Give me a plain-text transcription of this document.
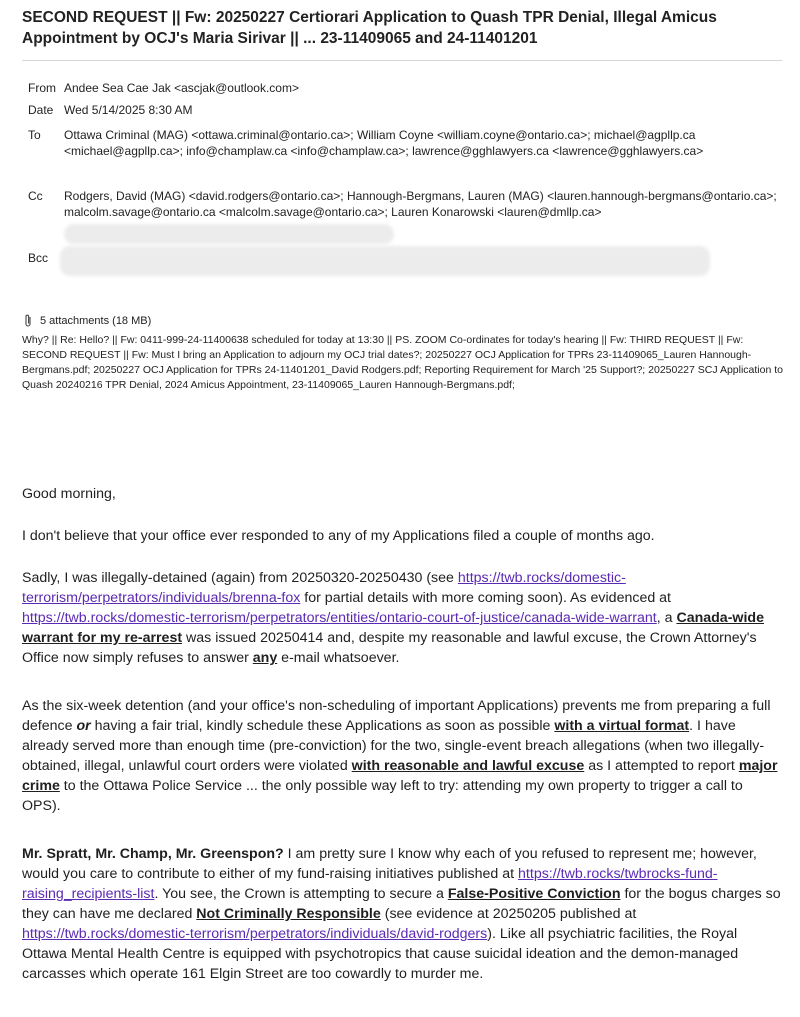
SECOND REQUEST || Fw: 20250227 Certiorari Application to Quash TPR Denial, Illegal Amicus Appointment by OCJ's Maria Sirivar || ... 23-11409065 and 24-11401201
From Andee Sea Cae Jak <ascjak@outlook.com>
Date Wed 5/14/2025 8:30 AM
To	Ottawa Criminal (MAG) <ottawa.criminal@ontario.ca>; William Coyne <william.coyne@ontario.ca>; michael@agpllp.ca <michael@agpllp.ca>; info@champlaw.ca <info@champlaw.ca>; lawrence@gghlawyers.ca <lawrence@gghlawyers.ca>
Cc	Rodgers, David (MAG) <david.rodgers@ontario.ca>; Hannough-Bergmans, Lauren (MAG) <lauren.hannough-bergmans@ontario.ca>; malcolm.savage@ontario.ca <malcolm.savage@ontario.ca>; Lauren Konarowski <lauren@dmllp.ca>
Bcc
5 attachments (18 MB)
Why? || Re: Hello? || Fw: 0411-999-24-11400638 scheduled for today at 13:30 || PS. ZOOM Co-ordinates for today's hearing || Fw: THIRD REQUEST || Fw: SECOND REQUEST || Fw: Must I bring an Application to adjourn my OCJ trial dates?; 20250227 OCJ Application for TPRs 23-11409065_Lauren Hannough-Bergmans.pdf; 20250227 OCJ Application for TPRs 24-11401201_David Rodgers.pdf; Reporting Requirement for March '25 Support?; 20250227 SCJ Application to Quash 20240216 TPR Denial, 2024 Amicus Appointment, 23-11409065_Lauren Hannough-Bergmans.pdf;
Good morning,
I don't believe that your office ever responded to any of my Applications filed a couple of months ago.
Sadly, I was illegally-detained (again) from 20250320-20250430 (see https://twb.rocks/domestic-terrorism/perpetrators/individuals/brenna-fox for partial details with more coming soon). As evidenced at https://twb.rocks/domestic-terrorism/perpetrators/entities/ontario-court-of-justice/canada-wide-warrant, a Canada-wide warrant for my re-arrest was issued 20250414 and, despite my reasonable and lawful excuse, the Crown Attorney's Office now simply refuses to answer any e-mail whatsoever.
As the six-week detention (and your office's non-scheduling of important Applications) prevents me from preparing a full defence or having a fair trial, kindly schedule these Applications as soon as possible with a virtual format. I have already served more than enough time (pre-conviction) for the two, single-event breach allegations (when two illegally-obtained, illegal, unlawful court orders were violated with reasonable and lawful excuse as I attempted to report major crime to the Ottawa Police Service ... the only possible way left to try: attending my own property to trigger a call to OPS).
Mr. Spratt, Mr. Champ, Mr. Greenspon? I am pretty sure I know why each of you refused to represent me; however, would you care to contribute to either of my fund-raising initiatives published at https://twb.rocks/twbrocks-fund-raising_recipients-list. You see, the Crown is attempting to secure a False-Positive Conviction for the bogus charges so they can have me declared Not Criminally Responsible (see evidence at 20250205 published at https://twb.rocks/domestic-terrorism/perpetrators/individuals/david-rodgers). Like all psychiatric facilities, the Royal Ottawa Mental Health Centre is equipped with psychotropics that cause suicidal ideation and the demon-managed carcasses which operate 161 Elgin Street are too cowardly to murder me.
